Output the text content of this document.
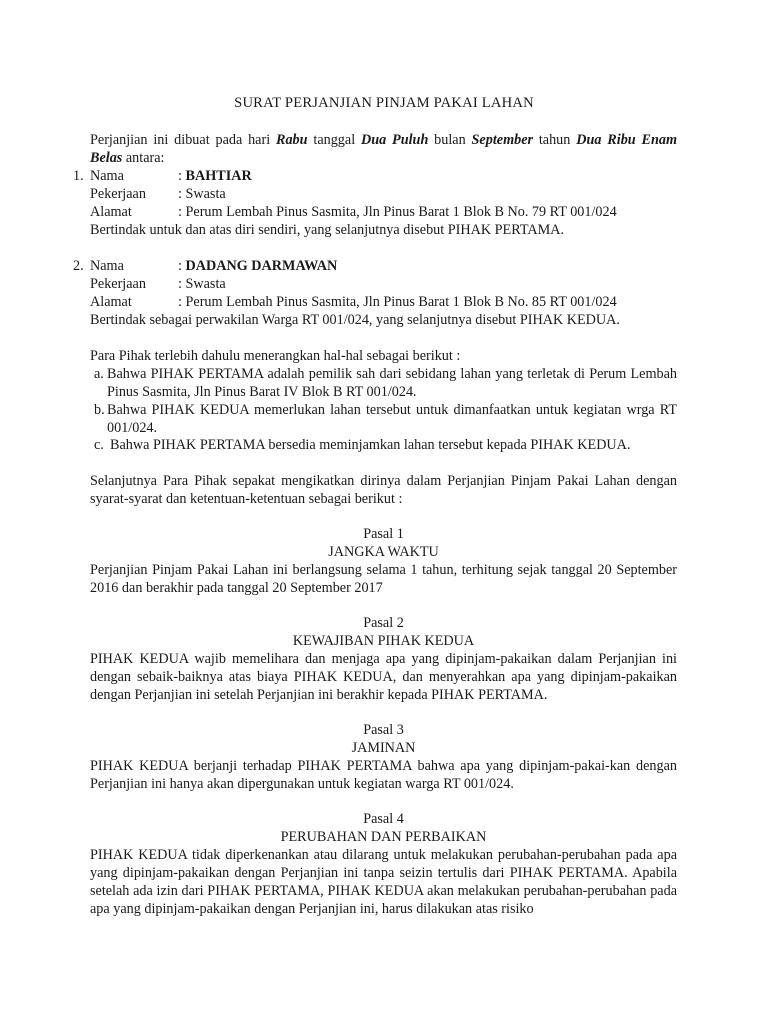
SURAT PERJANJIAN PINJAM PAKAI LAHAN
Perjanjian ini dibuat pada hari Rabu tanggal Dua Puluh bulan September tahun Dua Ribu Enam Belas antara:
1. Nama	: BAHTIAR
Pekerjaan : Swasta
Alamat	: Perum Lembah Pinus Sasmita, Jln Pinus Barat 1 Blok B No. 79 RT 001/024
Bertindak untuk dan atas diri sendiri, yang selanjutnya disebut PIHAK PERTAMA.
2. Nama	: DADANG DARMAWAN
Pekerjaan : Swasta
Alamat	: Perum Lembah Pinus Sasmita, Jln Pinus Barat 1 Blok B No. 85 RT 001/024
Bertindak sebagai perwakilan Warga RT 001/024, yang selanjutnya disebut PIHAK KEDUA.
Para Pihak terlebih dahulu menerangkan hal-hal sebagai berikut :
a. Bahwa PIHAK PERTAMA adalah pemilik sah dari sebidang lahan yang terletak di Perum Lembah Pinus Sasmita, Jln Pinus Barat IV Blok B RT 001/024.
b. Bahwa PIHAK KEDUA memerlukan lahan tersebut untuk dimanfaatkan untuk kegiatan wrga RT 001/024.
c. Bahwa PIHAK PERTAMA bersedia meminjamkan lahan tersebut kepada PIHAK KEDUA.
Selanjutnya Para Pihak sepakat mengikatkan dirinya dalam Perjanjian Pinjam Pakai Lahan dengan syarat-syarat dan ketentuan-ketentuan sebagai berikut :
Pasal 1
JANGKA WAKTU
Perjanjian Pinjam Pakai Lahan ini berlangsung selama 1 tahun, terhitung sejak tanggal 20 September 2016 dan berakhir pada tanggal 20 September 2017
Pasal 2
KEWAJIBAN PIHAK KEDUA
PIHAK KEDUA wajib memelihara dan menjaga apa yang dipinjam-pakaikan dalam Perjanjian ini dengan sebaik-baiknya atas biaya PIHAK KEDUA, dan menyerahkan apa yang dipinjam-pakaikan dengan Perjanjian ini setelah Perjanjian ini berakhir kepada PIHAK PERTAMA.
Pasal 3
JAMINAN
PIHAK KEDUA berjanji terhadap PIHAK PERTAMA bahwa apa yang dipinjam-pakai-kan dengan Perjanjian ini hanya akan dipergunakan untuk kegiatan warga RT 001/024.
Pasal 4
PERUBAHAN DAN PERBAIKAN
PIHAK KEDUA tidak diperkenankan atau dilarang untuk melakukan perubahan-perubahan pada apa yang dipinjam-pakaikan dengan Perjanjian ini tanpa seizin tertulis dari PIHAK PERTAMA. Apabila setelah ada izin dari PIHAK PERTAMA, PIHAK KEDUA akan melakukan perubahan-perubahan pada apa yang dipinjam-pakaikan dengan Perjanjian ini, harus dilakukan atas risiko
